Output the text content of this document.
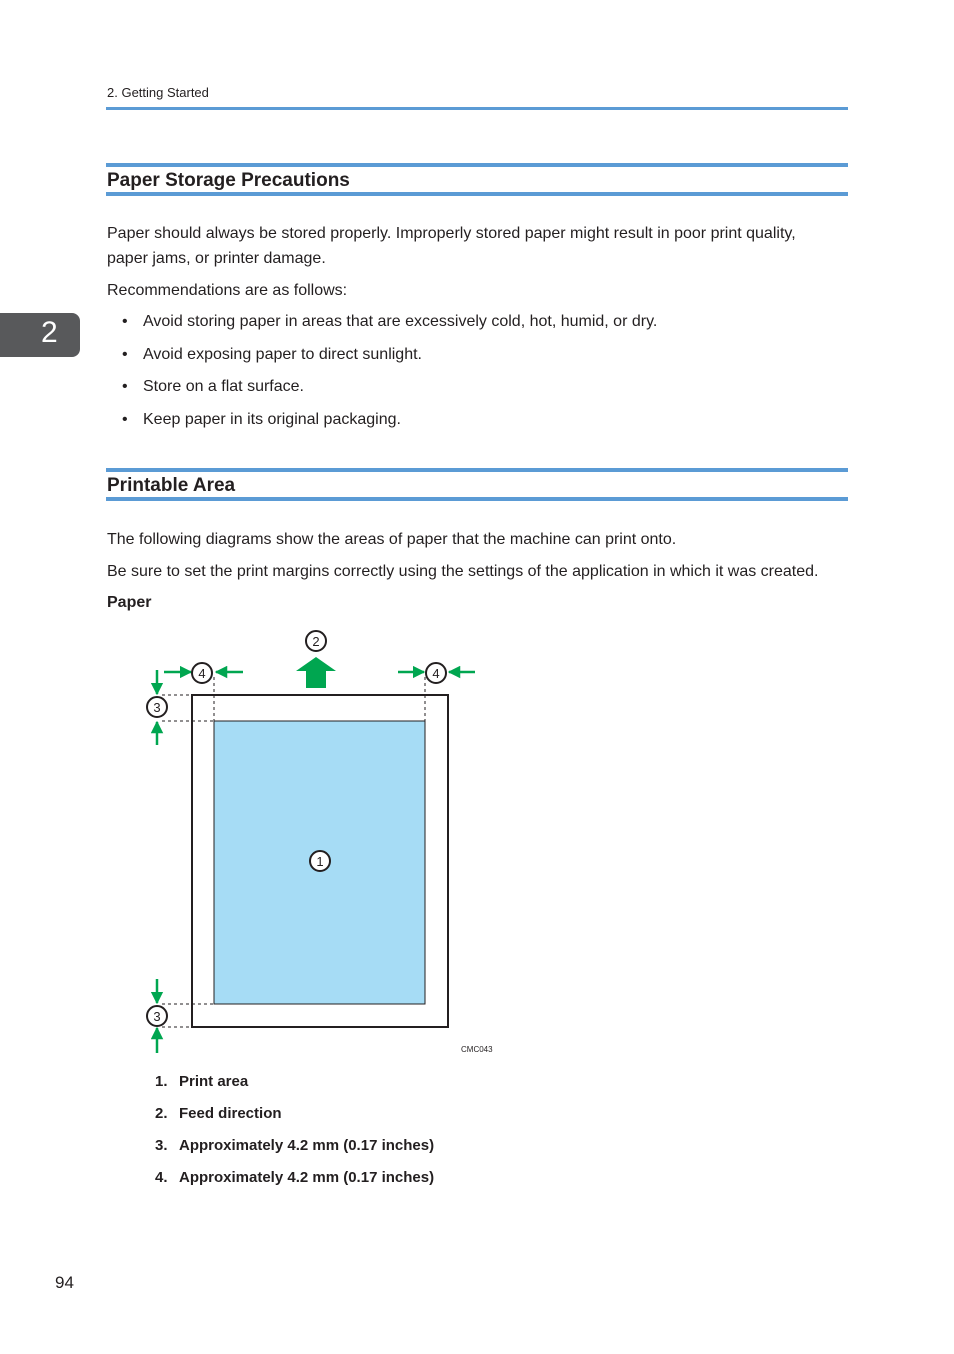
2. Getting Started
2
Paper Storage Precautions

Paper should always be stored properly. Improperly stored paper might result in poor print quality, paper jams, or printer damage.

Recommendations are as follows:

• Avoid storing paper in areas that are excessively cold, hot, humid, or dry.
• Avoid exposing paper to direct sunlight.
• Store on a flat surface.
• Keep paper in its original packaging.
Printable Area

The following diagrams show the areas of paper that the machine can print onto.

Be sure to set the print margins correctly using the settings of the application in which it was created.

Paper
1
2
3
3
4	4
CMC043
1. Print area
2. Feed direction
3. Approximately 4.2 mm (0.17 inches)
4. Approximately 4.2 mm (0.17 inches)
94
